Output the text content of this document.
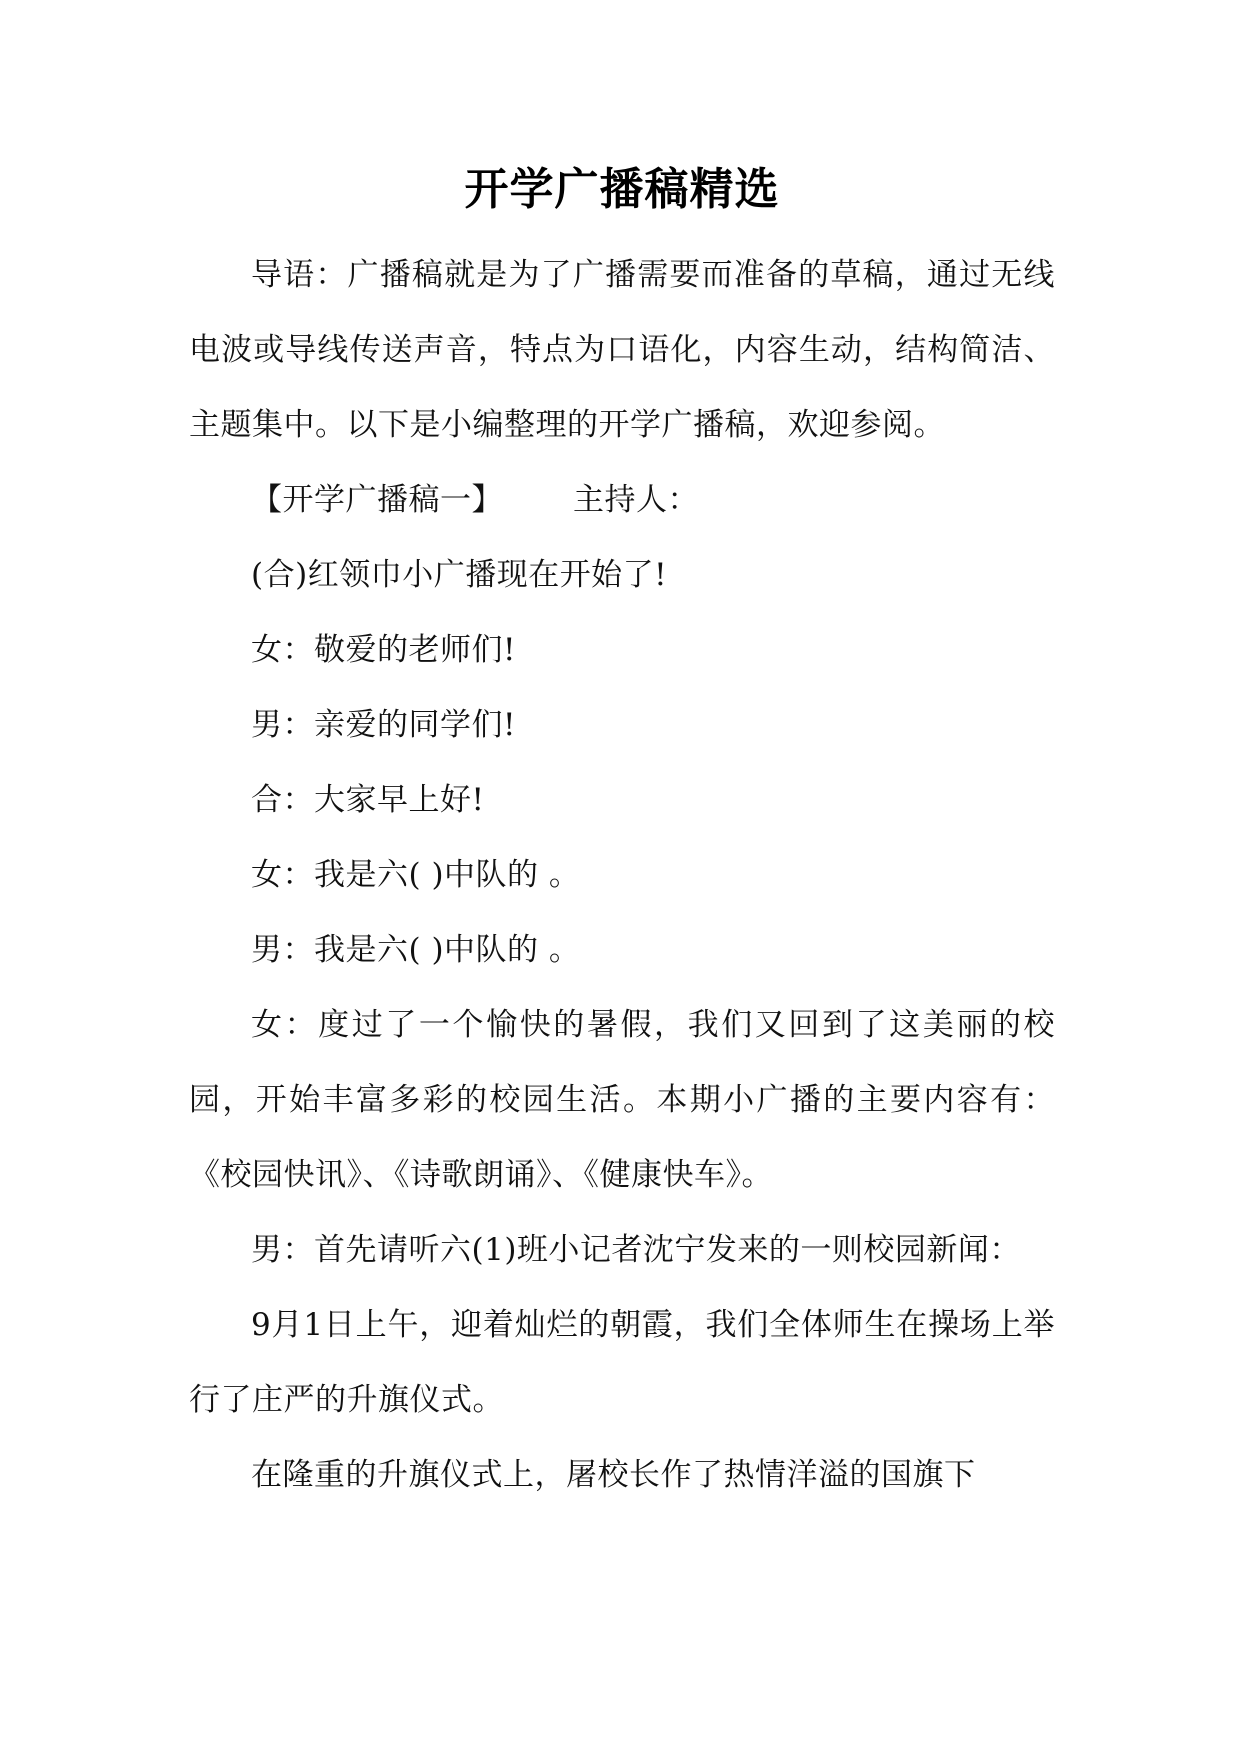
开学广播稿精选

导语：广播稿就是为了广播需要而准备的草稿，通过无线电波或导线传送声音，特点为口语化，内容生动，结构简洁、主题集中。以下是小编整理的开学广播稿，欢迎参阅。

【开学广播稿一】 主持人：

(合)红领巾小广播现在开始了!

女：敬爱的老师们!

男：亲爱的同学们!

合：大家早上好!

女：我是六( )中队的 。

男：我是六( )中队的 。

女：度过了一个愉快的暑假，我们又回到了这美丽的校园，开始丰富多彩的校园生活。本期小广播的主要内容有：《校园快讯》、《诗歌朗诵》、《健康快车》。

男：首先请听六(1)班小记者沈宁发来的一则校园新闻：

9月1日上午，迎着灿烂的朝霞，我们全体师生在操场上举行了庄严的升旗仪式。

在隆重的升旗仪式上，屠校长作了热情洋溢的国旗下
